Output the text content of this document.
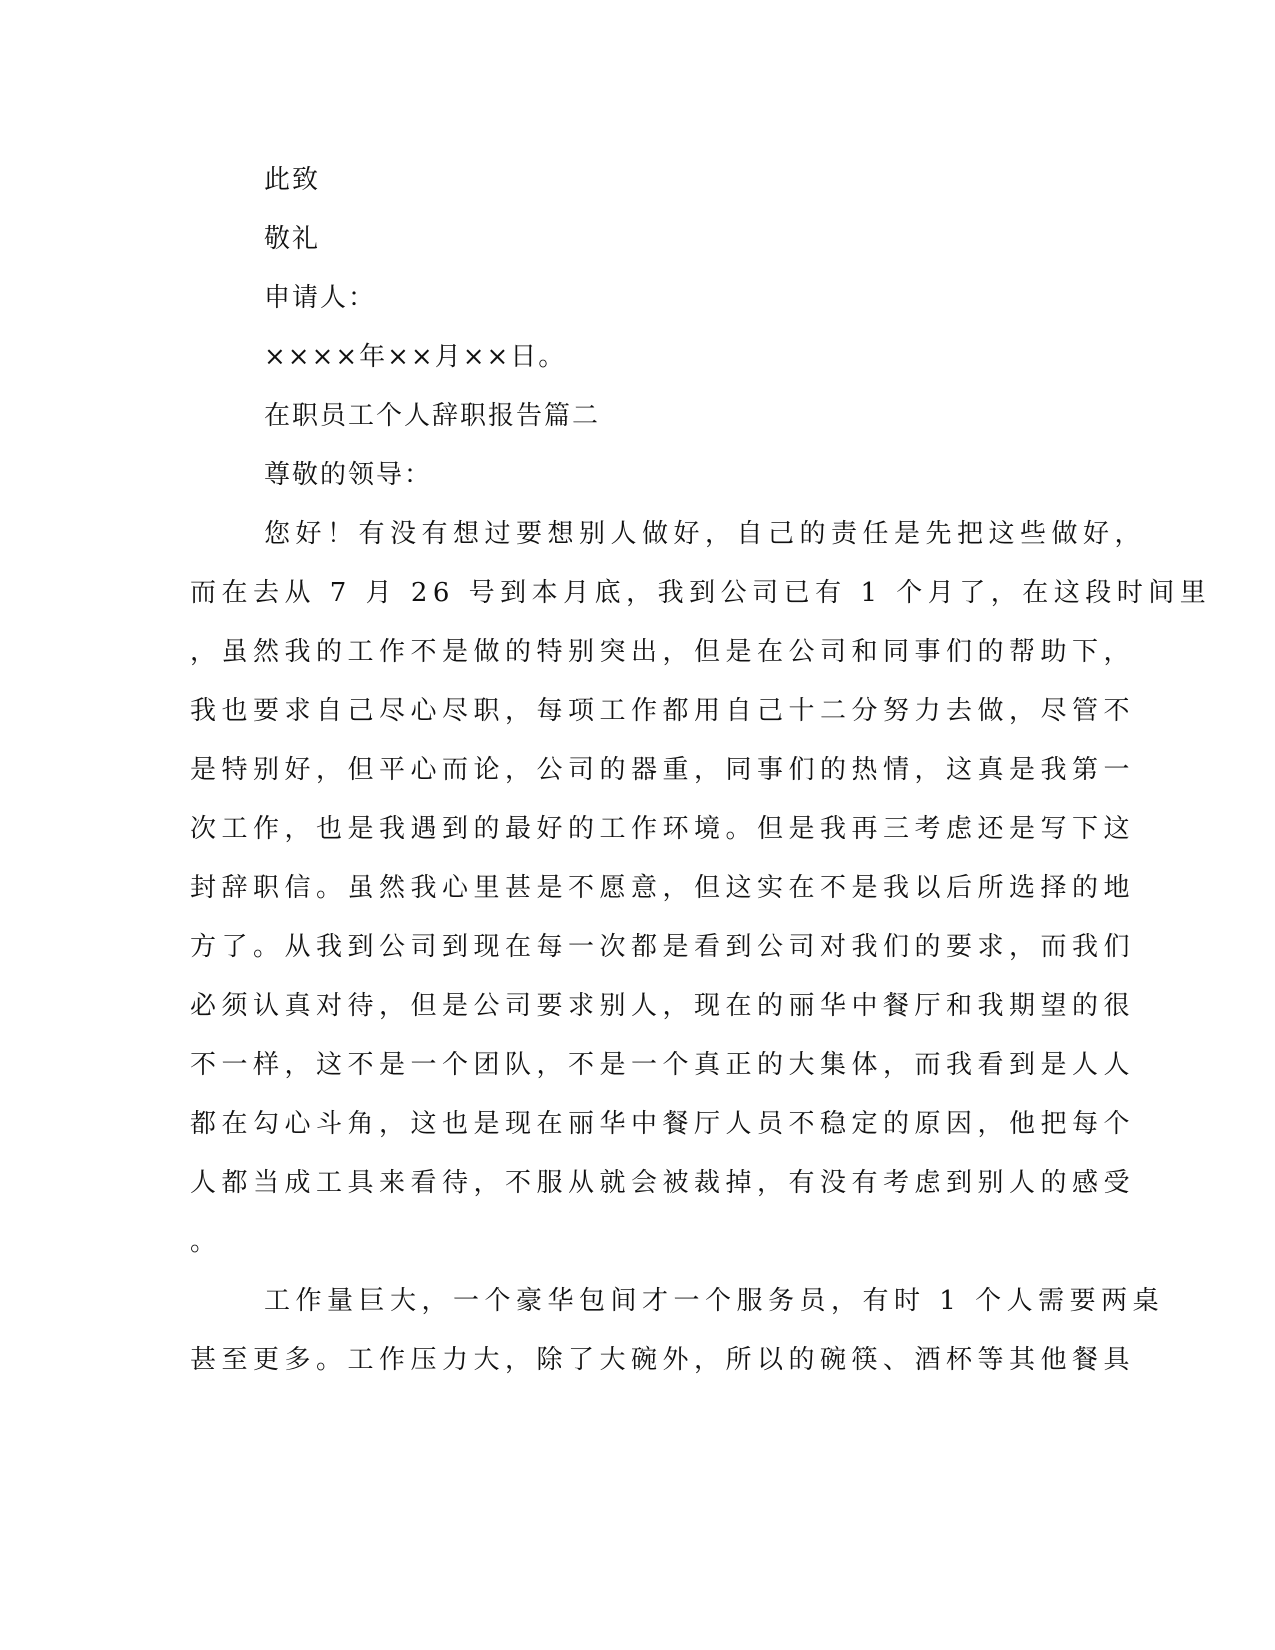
此致
敬礼
申请人：
××××年××月××日。
在职员工个人辞职报告篇二
尊敬的领导：
您好！有没有想过要想别人做好，自己的责任是先把这些做好，
而在去从 7 月 26 号到本月底，我到公司已有 1 个月了，在这段时间里
，虽然我的工作不是做的特别突出，但是在公司和同事们的帮助下，
我也要求自己尽心尽职，每项工作都用自己十二分努力去做，尽管不
是特别好，但平心而论，公司的器重，同事们的热情，这真是我第一
次工作，也是我遇到的最好的工作环境。但是我再三考虑还是写下这
封辞职信。虽然我心里甚是不愿意，但这实在不是我以后所选择的地
方了。从我到公司到现在每一次都是看到公司对我们的要求，而我们
必须认真对待，但是公司要求别人，现在的丽华中餐厅和我期望的很
不一样，这不是一个团队，不是一个真正的大集体，而我看到是人人
都在勾心斗角，这也是现在丽华中餐厅人员不稳定的原因，他把每个
人都当成工具来看待，不服从就会被裁掉，有没有考虑到别人的感受
。
工作量巨大，一个豪华包间才一个服务员，有时 1 个人需要两桌
甚至更多。工作压力大，除了大碗外，所以的碗筷、酒杯等其他餐具
